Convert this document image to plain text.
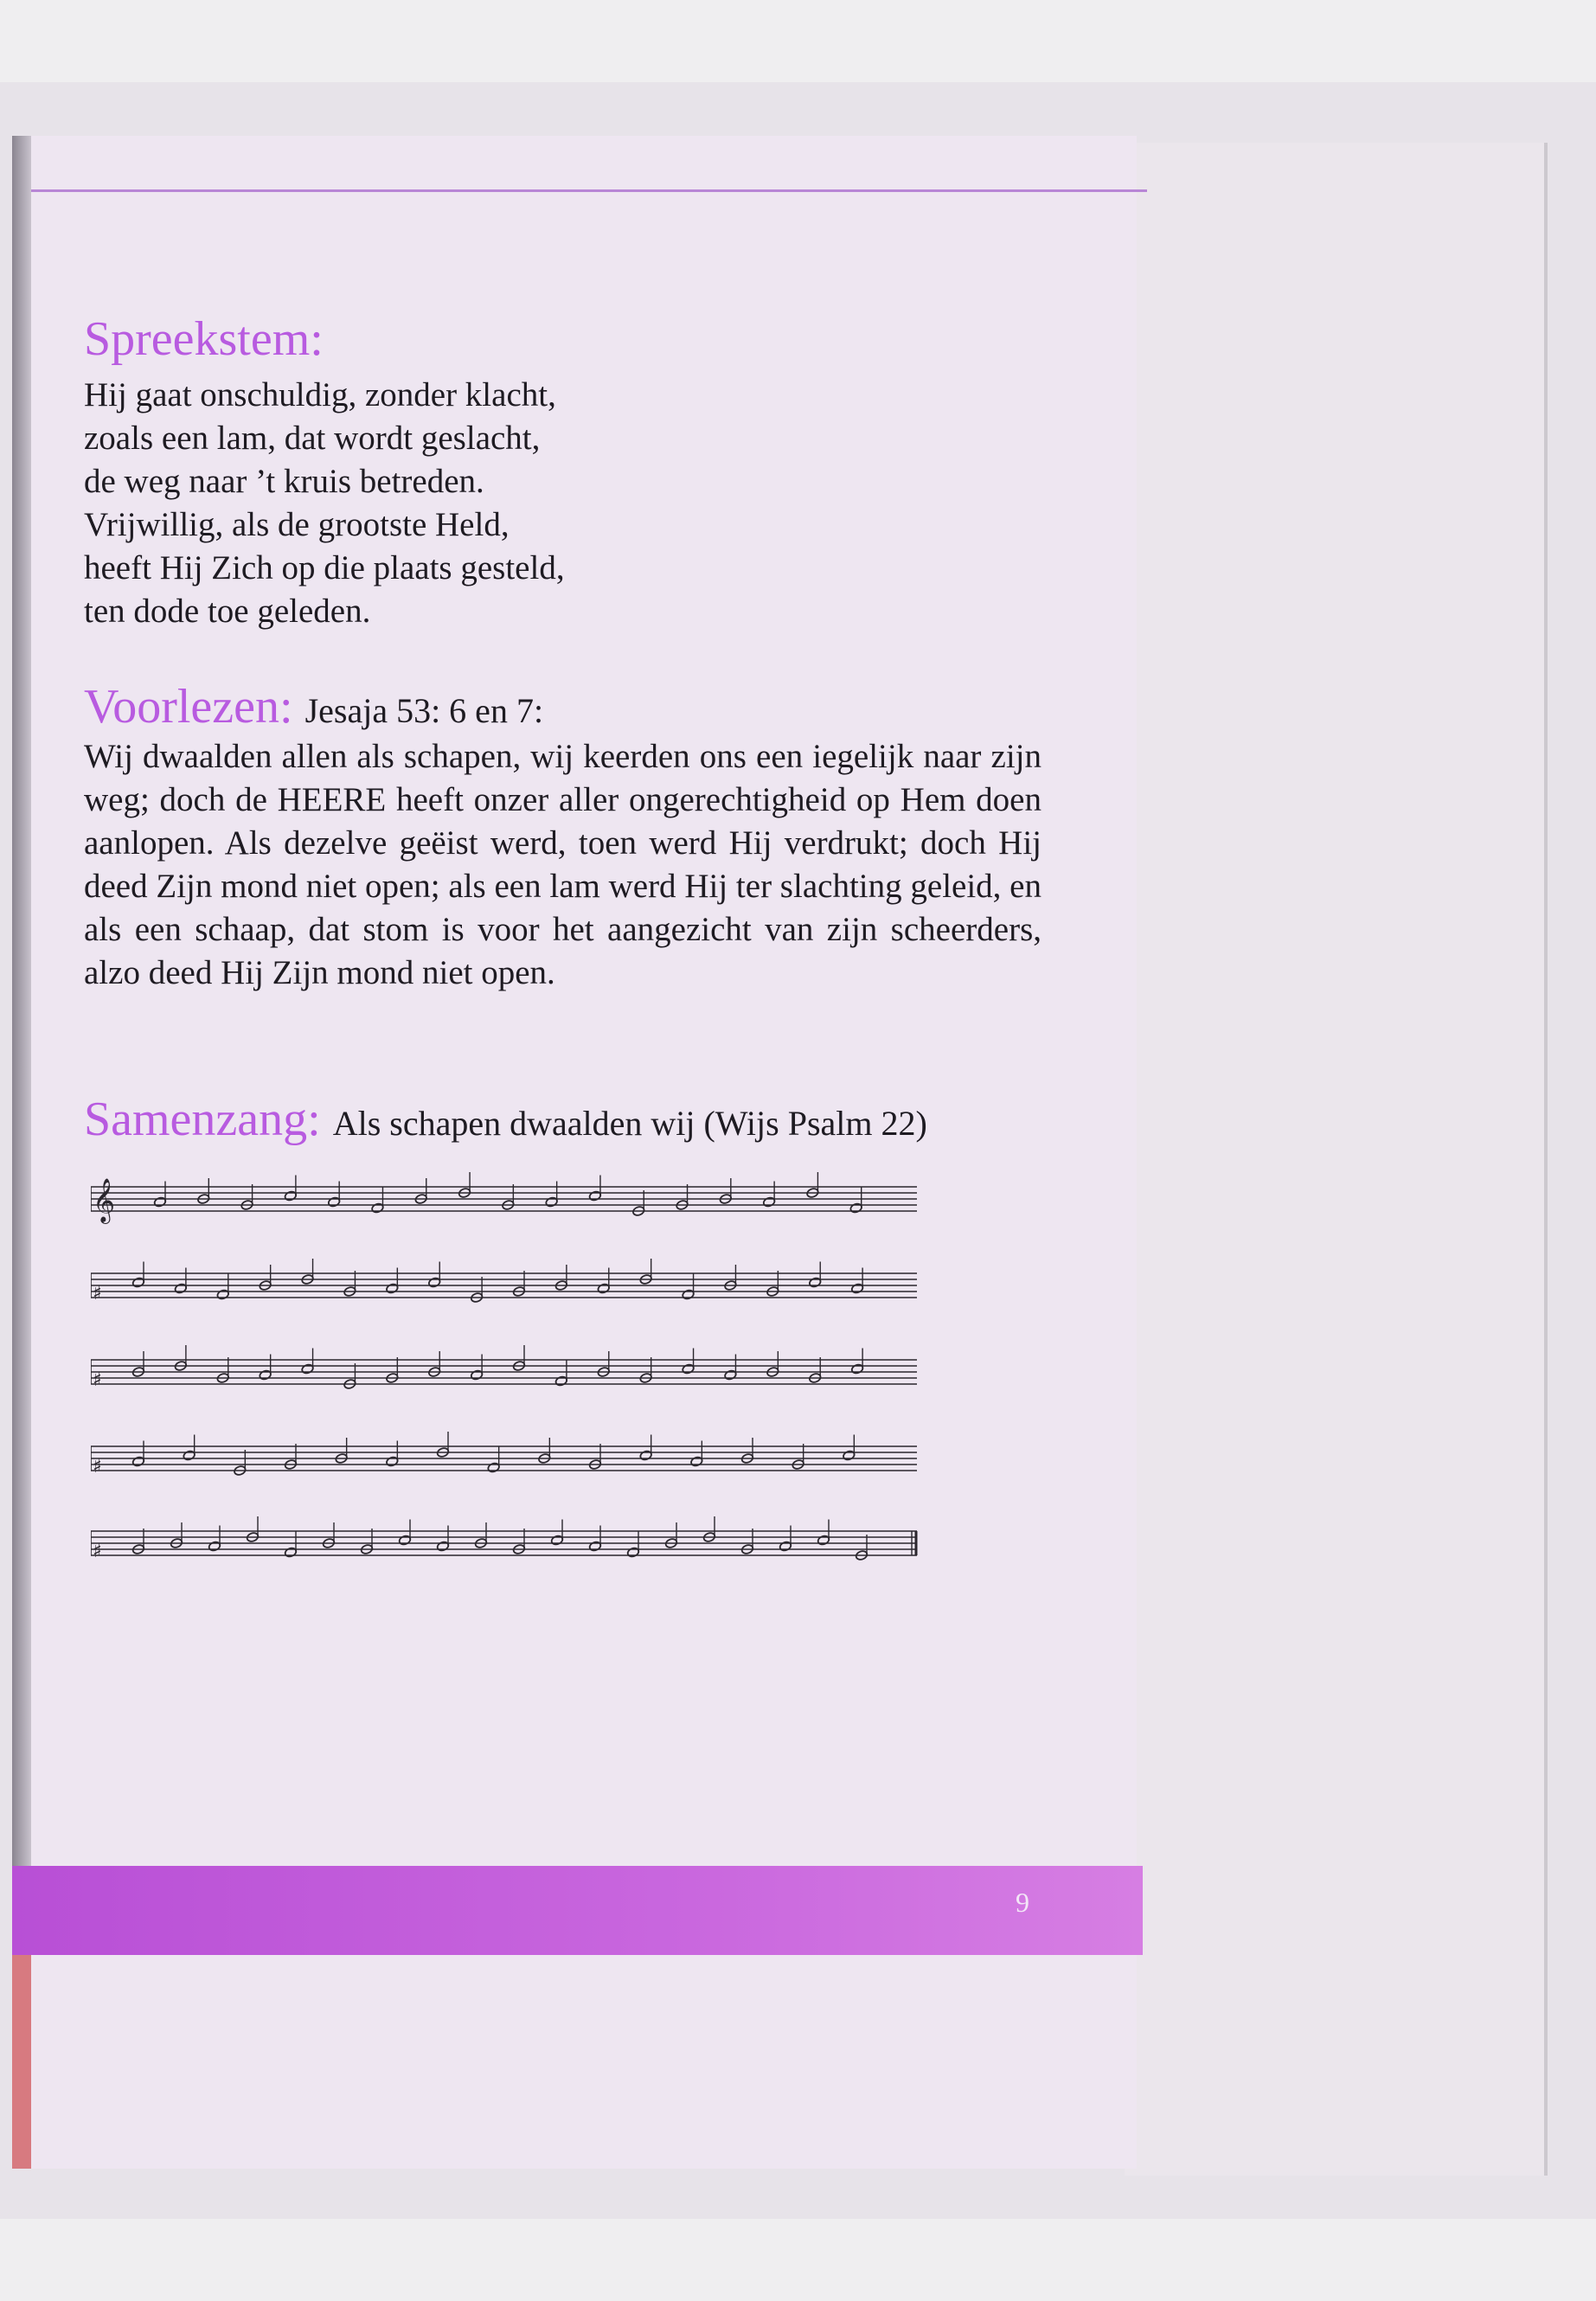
9
Spreekstem:
Hij gaat onschuldig, zonder klacht,
zoals een lam, dat wordt geslacht,
de weg naar ’t kruis betreden.
Vrijwillig, als de grootste Held,
heeft Hij Zich op die plaats gesteld,
ten dode toe geleden.
Voorlezen: Jesaja 53: 6 en 7:
Wij dwaalden allen als schapen, wij keerden ons een iegelijk naar zijn weg; doch de HEERE heeft onzer aller ongerechtigheid op Hem doen aanlopen. Als dezelve geëist werd, toen werd Hij verdrukt; doch Hij deed Zijn mond niet open; als een lam werd Hij ter slachting geleid, en als een schaap, dat stom is voor het aangezicht van zijn scheerders, alzo deed Hij Zijn mond niet open.
Samenzang: Als schapen dwaalden wij (Wijs Psalm 22)
𝄞
♯
♯
♯
♯
